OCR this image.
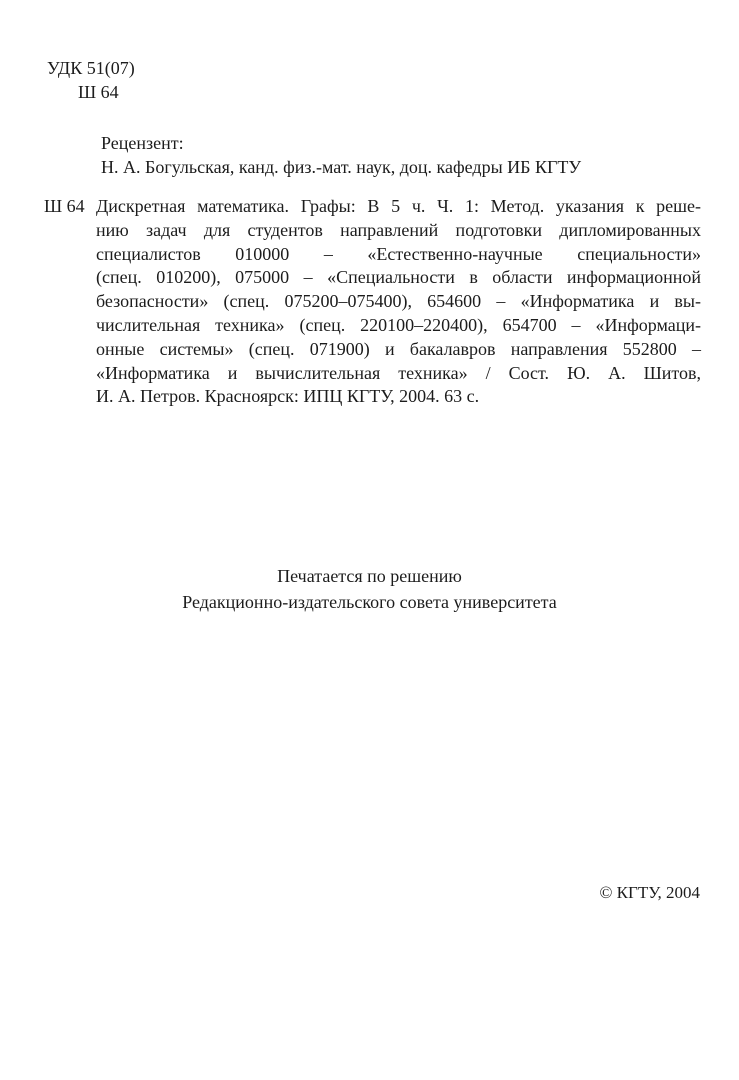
УДК 51(07)
Ш 64
Рецензент:
Н. А. Богульская, канд. физ.-мат. наук, доц. кафедры ИБ КГТУ
Ш 64 Дискретная математика. Графы: В 5 ч. Ч. 1: Метод. указания к реше-
нию задач для студентов направлений подготовки дипломированных
специалистов 010000 – «Естественно-научные специальности»
(спец. 010200), 075000 – «Специальности в области информационной
безопасности» (спец. 075200–075400), 654600 – «Информатика и вы-
числительная техника» (спец. 220100–220400), 654700 – «Информаци-
онные системы» (спец. 071900) и бакалавров направления 552800 –
«Информатика и вычислительная техника» / Сост. Ю. А. Шитов,
И. А. Петров. Красноярск: ИПЦ КГТУ, 2004. 63 с.
Печатается по решению
Редакционно-издательского совета университета
© КГТУ, 2004
